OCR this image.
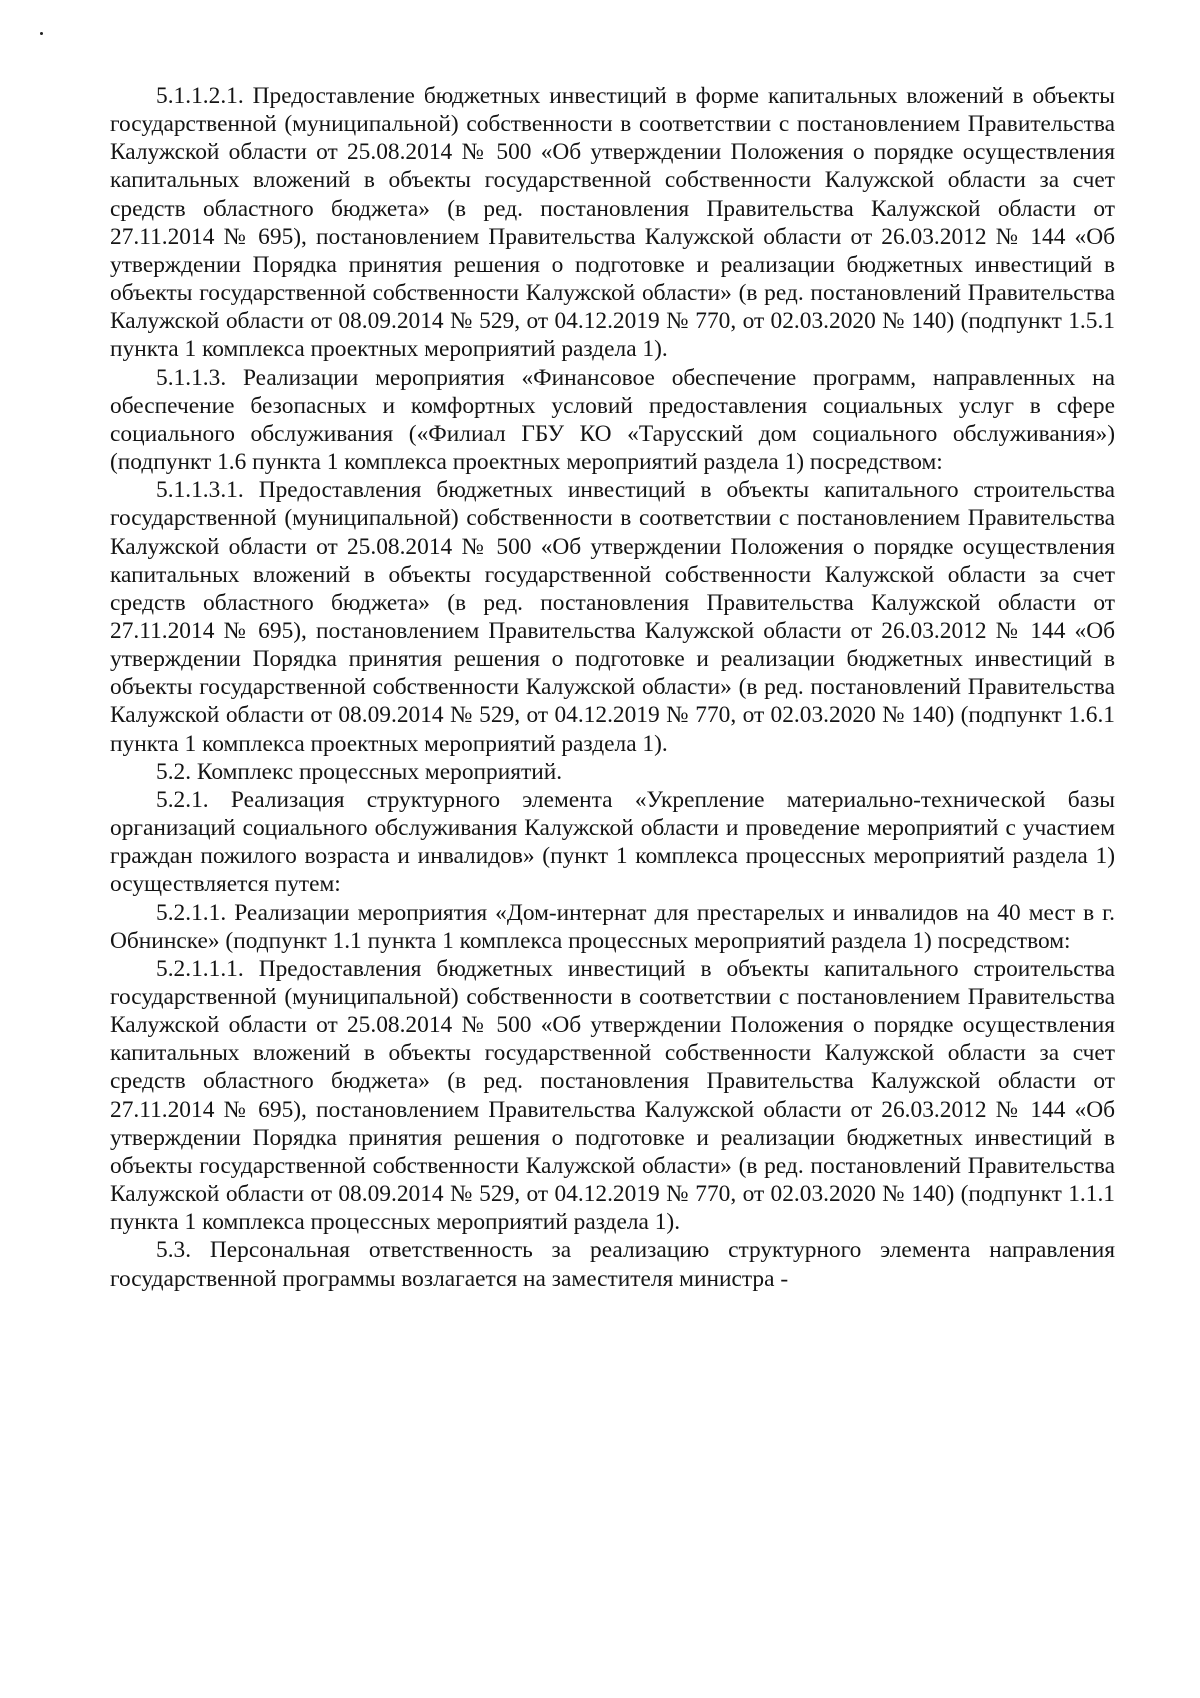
5.1.1.2.1. Предоставление бюджетных инвестиций в форме капитальных вложений в объекты государственной (муниципальной) собственности в соответствии с постановлением Правительства Калужской области от 25.08.2014 № 500 «Об утверждении Положения о порядке осуществления капитальных вложений в объекты государственной собственности Калужской области за счет средств областного бюджета» (в ред. постановления Правительства Калужской области от 27.11.2014 № 695), постановлением Правительства Калужской области от 26.03.2012 № 144 «Об утверждении Порядка принятия решения о подготовке и реализации бюджетных инвестиций в объекты государственной собственности Калужской области» (в ред. постановлений Правительства Калужской области от 08.09.2014 № 529, от 04.12.2019 № 770, от 02.03.2020 № 140) (подпункт 1.5.1 пункта 1 комплекса проектных мероприятий раздела 1).

5.1.1.3. Реализации мероприятия «Финансовое обеспечение программ, направленных на обеспечение безопасных и комфортных условий предоставления социальных услуг в сфере социального обслуживания («Филиал ГБУ КО «Тарусский дом социального обслуживания») (подпункт 1.6 пункта 1 комплекса проектных мероприятий раздела 1) посредством:

5.1.1.3.1. Предоставления бюджетных инвестиций в объекты капитального строительства государственной (муниципальной) собственности в соответствии с постановлением Правительства Калужской области от 25.08.2014 № 500 «Об утверждении Положения о порядке осуществления капитальных вложений в объекты государственной собственности Калужской области за счет средств областного бюджета» (в ред. постановления Правительства Калужской области от 27.11.2014 № 695), постановлением Правительства Калужской области от 26.03.2012 № 144 «Об утверждении Порядка принятия решения о подготовке и реализации бюджетных инвестиций в объекты государственной собственности Калужской области» (в ред. постановлений Правительства Калужской области от 08.09.2014 № 529, от 04.12.2019 № 770, от 02.03.2020 № 140) (подпункт 1.6.1 пункта 1 комплекса проектных мероприятий раздела 1).

5.2. Комплекс процессных мероприятий.

5.2.1. Реализация структурного элемента «Укрепление материально-технической базы организаций социального обслуживания Калужской области и проведение мероприятий с участием граждан пожилого возраста и инвалидов» (пункт 1 комплекса процессных мероприятий раздела 1) осуществляется путем:

5.2.1.1. Реализации мероприятия «Дом-интернат для престарелых и инвалидов на 40 мест в г. Обнинске» (подпункт 1.1 пункта 1 комплекса процессных мероприятий раздела 1) посредством:

5.2.1.1.1. Предоставления бюджетных инвестиций в объекты капитального строительства государственной (муниципальной) собственности в соответствии с постановлением Правительства Калужской области от 25.08.2014 № 500 «Об утверждении Положения о порядке осуществления капитальных вложений в объекты государственной собственности Калужской области за счет средств областного бюджета» (в ред. постановления Правительства Калужской области от 27.11.2014 № 695), постановлением Правительства Калужской области от 26.03.2012 № 144 «Об утверждении Порядка принятия решения о подготовке и реализации бюджетных инвестиций в объекты государственной собственности Калужской области» (в ред. постановлений Правительства Калужской области от 08.09.2014 № 529, от 04.12.2019 № 770, от 02.03.2020 № 140) (подпункт 1.1.1 пункта 1 комплекса процессных мероприятий раздела 1).

5.3. Персональная ответственность за реализацию структурного элемента направления государственной программы возлагается на заместителя министра -
